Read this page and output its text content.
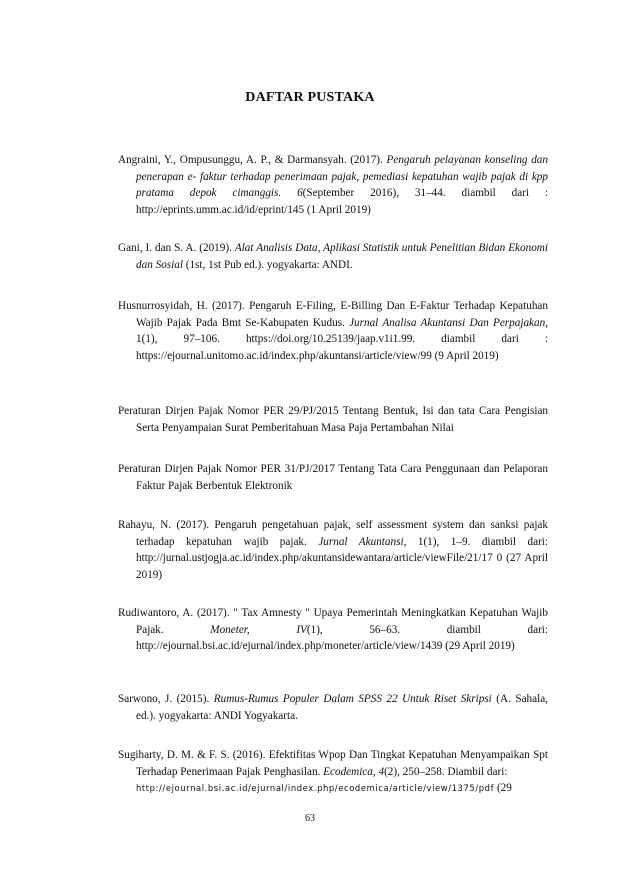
DAFTAR PUSTAKA
Angraini, Y., Ompusunggu, A. P., & Darmansyah. (2017). Pengaruh pelayanan konseling dan penerapan e- faktur terhadap penerimaan pajak, pemediasi kepatuhan wajib pajak di kpp pratama depok cimanggis. 6(September 2016), 31–44. diambil dari : http://eprints.umm.ac.id/id/eprint/145 (1 April 2019)
Gani, I. dan S. A. (2019). Alat Analisis Data, Aplikasi Statistik untuk Penelitian Bidan Ekonomi dan Sosial (1st, 1st Pub ed.). yogyakarta: ANDI.
Husnurrosyidah, H. (2017). Pengaruh E-Filing, E-Billing Dan E-Faktur Terhadap Kepatuhan Wajib Pajak Pada Bmt Se-Kabupaten Kudus. Jurnal Analisa Akuntansi Dan Perpajakan, 1(1), 97–106. https://doi.org/10.25139/jaap.v1i1.99. diambil dari : https://ejournal.unitomo.ac.id/index.php/akuntansi/article/view/99 (9 April 2019)
Peraturan Dirjen Pajak Nomor PER 29/PJ/2015 Tentang Bentuk, Isi dan tata Cara Pengisian Serta Penyampaian Surat Pemberitahuan Masa Paja Pertambahan Nilai
Peraturan Dirjen Pajak Nomor PER 31/PJ/2017 Tentang Tata Cara Penggunaan dan Pelaporan Faktur Pajak Berbentuk Elektronik
Rahayu, N. (2017). Pengaruh pengetahuan pajak, self assessment system dan sanksi pajak terhadap kepatuhan wajib pajak. Jurnal Akuntansi, 1(1), 1–9. diambil dari: http://jurnal.ustjogja.ac.id/index.php/akuntansidewantara/article/viewFile/21/17 0 (27 April 2019)
Rudiwantoro, A. (2017). " Tax Amnesty " Upaya Pemerintah Meningkatkan Kepatuhan Wajib Pajak. Moneter, IV(1), 56–63. diambil dari: http://ejournal.bsi.ac.id/ejurnal/index.php/moneter/article/view/1439 (29 April 2019)
Sarwono, J. (2015). Rumus-Rumus Populer Dalam SPSS 22 Untuk Riset Skripsi (A. Sahala, ed.). yogyakarta: ANDI Yogyakarta.
Sugiharty, D. M. & F. S. (2016). Efektifitas Wpop Dan Tingkat Kepatuhan Menyampaikan Spt Terhadap Penerimaan Pajak Penghasilan. Ecodemica, 4(2), 250–258. Diambil dari:
http://ejournal.bsi.ac.id/ejurnal/index.php/ecodemica/article/view/1375/pdf (29
63
